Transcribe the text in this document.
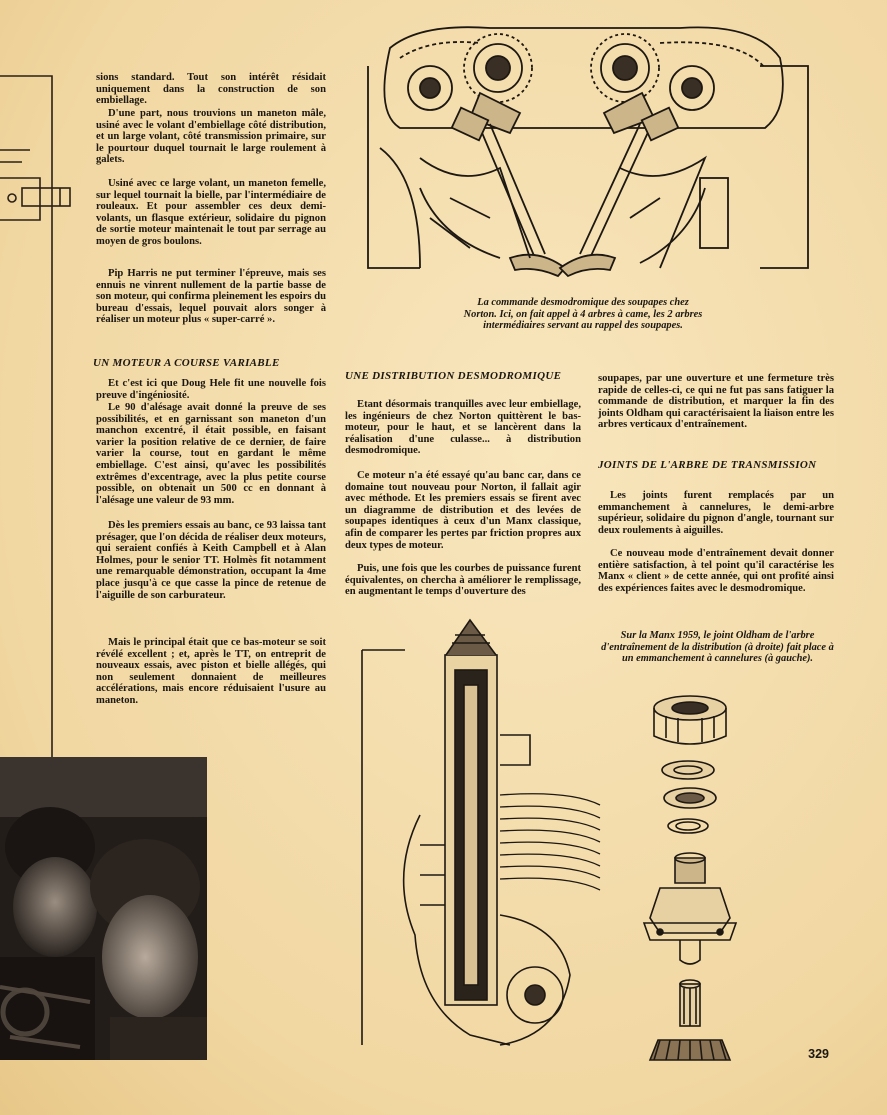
sions standard. Tout son intérêt résidait uniquement dans la construction de son embiellage.

D'une part, nous trouvions un maneton mâle, usiné avec le volant d'embiellage côté distribution, et un large volant, côté transmission primaire, sur le pourtour duquel tournait le large roulement à galets.

Usiné avec ce large volant, un maneton femelle, sur lequel tournait la bielle, par l'intermédiaire de rouleaux. Et pour assembler ces deux demi-volants, un flasque extérieur, solidaire du pignon de sortie moteur maintenait le tout par serrage au moyen de gros boulons.

Pip Harris ne put terminer l'épreuve, mais ses ennuis ne vinrent nullement de la partie basse de son moteur, qui confirma pleinement les espoirs du bureau d'essais, lequel pouvait alors songer à réaliser un moteur plus « super-carré ».

UN MOTEUR A COURSE VARIABLE

Et c'est ici que Doug Hele fit une nouvelle fois preuve d'ingéniosité.

Le 90 d'alésage avait donné la preuve de ses possibilités, et en garnissant son maneton d'un manchon excentré, il était possible, en faisant varier la position relative de ce dernier, de faire varier la course, tout en gardant le même embiellage. C'est ainsi, qu'avec les possibilités extrêmes d'excentrage, avec la plus petite course possible, on obtenait un 500 cc en donnant à l'alésage une valeur de 93 mm.

Dès les premiers essais au banc, ce 93 laissa tant présager, que l'on décida de réaliser deux moteurs, qui seraient confiés à Keith Campbell et à Alan Holmes, pour le senior TT. Holmès fit notamment une remarquable démonstration, occupant la 4me place jusqu'à ce que casse la pince de retenue de l'aiguille de son carburateur.

Mais le principal était que ce bas-moteur se soit révélé excellent ; et, après le TT, on entreprit de nouveaux essais, avec piston et bielle allégés, qui non seulement donnaient de meilleures accélérations, mais encore réduisaient l'usure au maneton.

La commande desmodromique des soupapes chez Norton. Ici, on fait appel à 4 arbres à came, les 2 arbres intermédiaires servant au rappel des soupapes.

UNE DISTRIBUTION DESMODROMIQUE

Etant désormais tranquilles avec leur embiellage, les ingénieurs de chez Norton quittèrent le bas-moteur, pour le haut, et se lancèrent dans la réalisation d'une culasse... à distribution desmodromique.

Ce moteur n'a été essayé qu'au banc car, dans ce domaine tout nouveau pour Norton, il fallait agir avec méthode. Et les premiers essais se firent avec un diagramme de distribution et des levées de soupapes identiques à ceux d'un Manx classique, afin de comparer les pertes par friction propres aux deux types de moteur.

Puis, une fois que les courbes de puissance furent équivalentes, on chercha à améliorer le remplissage, en augmentant le temps d'ouverture des

soupapes, par une ouverture et une fermeture très rapide de celles-ci, ce qui ne fut pas sans fatiguer la commande de distribution, et marquer la fin des joints Oldham qui caractérisaient la liaison entre les arbres verticaux d'entraînement.

JOINTS DE L'ARBRE DE TRANSMISSION

Les joints furent remplacés par un emmanchement à cannelures, le demi-arbre supérieur, solidaire du pignon d'angle, tournant sur deux roulements à aiguilles.

Ce nouveau mode d'entraînement devait donner entière satisfaction, à tel point qu'il caractérise les Manx « client » de cette année, qui ont profité ainsi des expériences faites avec le desmodromique.

Sur la Manx 1959, le joint Oldham de l'arbre d'entraînement de la distribution (à droite) fait place à un emmanchement à cannelures (à gauche).

329
